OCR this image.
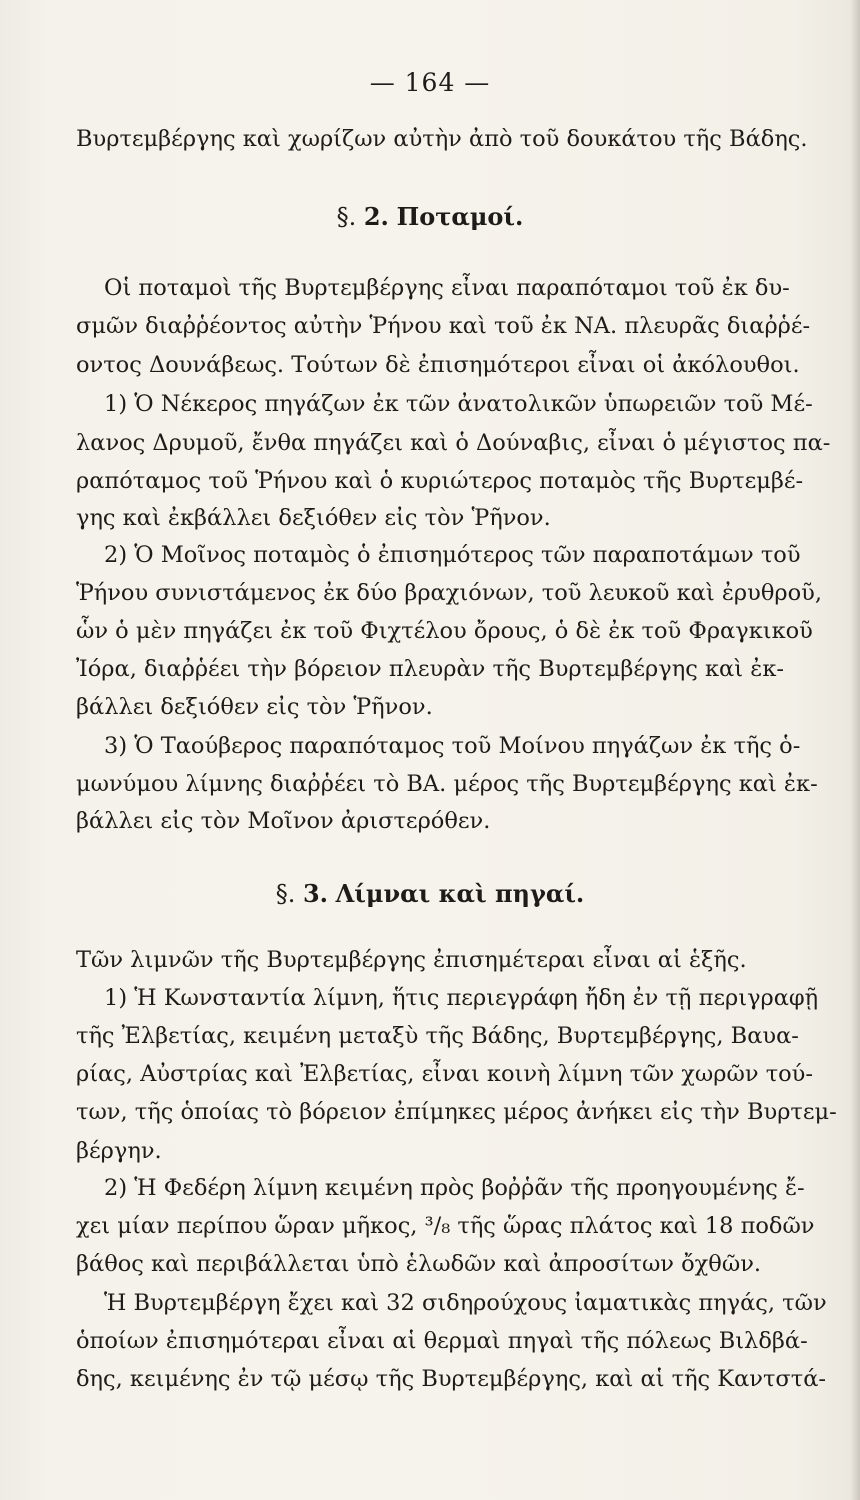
— 164 —
Βυρτεμβέργης καὶ χωρίζων αὐτὴν ἀπὸ τοῦ δουκάτου τῆς Βάδης.
§. 2. Ποταμοί.
Οἱ ποταμοὶ τῆς Βυρτεμβέργης εἶναι παραπόταμοι τοῦ ἐκ δυ-
σμῶν διαῤῥέοντος αὐτὴν Ῥήνου καὶ τοῦ ἐκ ΝΑ. πλευρᾶς διαῤῥέ-
οντος Δουνάβεως. Τούτων δὲ ἐπισημότεροι εἶναι οἱ ἀκόλουθοι.
1) Ὁ Νέκερος πηγάζων ἐκ τῶν ἀνατολικῶν ὑπωρειῶν τοῦ Μέ-
λανος Δρυμοῦ, ἔνθα πηγάζει καὶ ὁ Δούναβις, εἶναι ὁ μέγιστος πα-
ραπόταμος τοῦ Ῥήνου καὶ ὁ κυριώτερος ποταμὸς τῆς Βυρτεμβέ-
γης καὶ ἐκβάλλει δεξιόθεν εἰς τὸν Ῥῆνον.
2) Ὁ Μοῖνος ποταμὸς ὁ ἐπισημότερος τῶν παραποτάμων τοῦ
Ῥήνου συνιστάμενος ἐκ δύο βραχιόνων, τοῦ λευκοῦ καὶ ἐρυθροῦ,
ὧν ὁ μὲν πηγάζει ἐκ τοῦ Φιχτέλου ὄρους, ὁ δὲ ἐκ τοῦ Φραγκικοῦ
Ἰόρα, διαῤῥέει τὴν βόρειον πλευρὰν τῆς Βυρτεμβέργης καὶ ἐκ-
βάλλει δεξιόθεν εἰς τὸν Ῥῆνον.
3) Ὁ Ταούβερος παραπόταμος τοῦ Μοίνου πηγάζων ἐκ τῆς ὁ-
μωνύμου λίμνης διαῤῥέει τὸ ΒΑ. μέρος τῆς Βυρτεμβέργης καὶ ἐκ-
βάλλει εἰς τὸν Μοῖνον ἀριστερόθεν.
§. 3. Λίμναι καὶ πηγαί.
Τῶν λιμνῶν τῆς Βυρτεμβέργης ἐπισημέτεραι εἶναι αἱ ἑξῆς.
1) Ἡ Κωνσταντία λίμνη, ἥτις περιεγράφη ἤδη ἐν τῇ περιγραφῇ
τῆς Ἐλβετίας, κειμένη μεταξὺ τῆς Βάδης, Βυρτεμβέργης, Βαυα-
ρίας, Αὐστρίας καὶ Ἐλβετίας, εἶναι κοινὴ λίμνη τῶν χωρῶν τού-
των, τῆς ὁποίας τὸ βόρειον ἐπίμηκες μέρος ἀνήκει εἰς τὴν Βυρτεμ-
βέργην.
2) Ἡ Φεδέρη λίμνη κειμένη πρὸς βοῤῥᾶν τῆς προηγουμένης ἔ-
χει μίαν περίπου ὥραν μῆκος, ³/₈ τῆς ὥρας πλάτος καὶ 18 ποδῶν
βάθος καὶ περιβάλλεται ὑπὸ ἑλωδῶν καὶ ἀπροσίτων ὄχθῶν.
Ἡ Βυρτεμβέργη ἔχει καὶ 32 σιδηρούχους ἰαματικὰς πηγάς, τῶν
ὁποίων ἐπισημότεραι εἶναι αἱ θερμαὶ πηγαὶ τῆς πόλεως Βιλδβά-
δης, κειμένης ἐν τῷ μέσῳ τῆς Βυρτεμβέργης, καὶ αἱ τῆς Καντστά-
